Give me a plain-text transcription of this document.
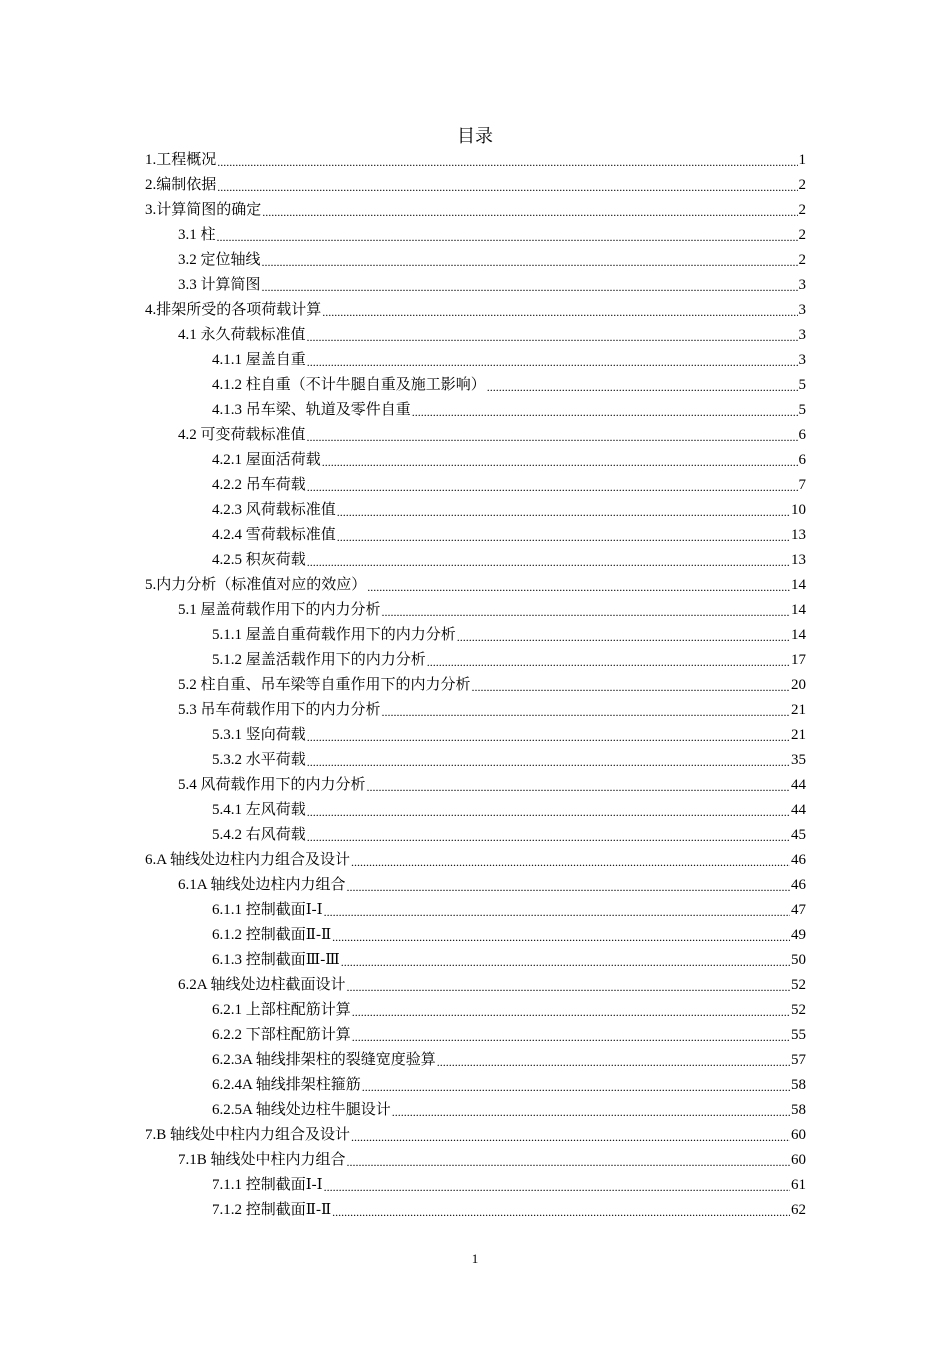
目录
1.工程概况 .....	1
2.编制依据 .....	2
3.计算简图的确定 .....	2
3.1 柱 .....	2
3.2 定位轴线 .....	2
3.3 计算简图 .....	3
4.排架所受的各项荷载计算 .....	3
4.1 永久荷载标准值 .....	3
4.1.1 屋盖自重 .....	3
4.1.2 柱自重（不计牛腿自重及施工影响） .....	5
4.1.3 吊车梁、轨道及零件自重 .....	5
4.2 可变荷载标准值 .....	6
4.2.1 屋面活荷载 .....	6
4.2.2 吊车荷载 .....	7
4.2.3 风荷载标准值 .....	10
4.2.4 雪荷载标准值 .....	13
4.2.5 积灰荷载 .....	13
5.内力分析（标准值对应的效应） .....	14
5.1 屋盖荷载作用下的内力分析 .....	14
5.1.1 屋盖自重荷载作用下的内力分析 .....	14
5.1.2 屋盖活载作用下的内力分析 .....	17
5.2 柱自重、吊车梁等自重作用下的内力分析 .....	20
5.3 吊车荷载作用下的内力分析 .....	21
5.3.1 竖向荷载 .....	21
5.3.2 水平荷载 .....	35
5.4 风荷载作用下的内力分析 .....	44
5.4.1 左风荷载 .....	44
5.4.2 右风荷载 .....	45
6.A 轴线处边柱内力组合及设计 .....	46
6.1A 轴线处边柱内力组合 .....	46
6.1.1 控制截面Ⅰ-Ⅰ .....	47
6.1.2 控制截面Ⅱ-Ⅱ .....	49
6.1.3 控制截面Ⅲ-Ⅲ .....	50
6.2A 轴线处边柱截面设计 .....	52
6.2.1 上部柱配筋计算 .....	52
6.2.2 下部柱配筋计算 .....	55
6.2.3A 轴线排架柱的裂缝宽度验算 .....	57
6.2.4A 轴线排架柱箍筋 .....	58
6.2.5A 轴线处边柱牛腿设计 .....	58
7.B 轴线处中柱内力组合及设计 .....	60
7.1B 轴线处中柱内力组合 .....	60
7.1.1 控制截面Ⅰ-Ⅰ .....	61
7.1.2 控制截面Ⅱ-Ⅱ .....	62
1
